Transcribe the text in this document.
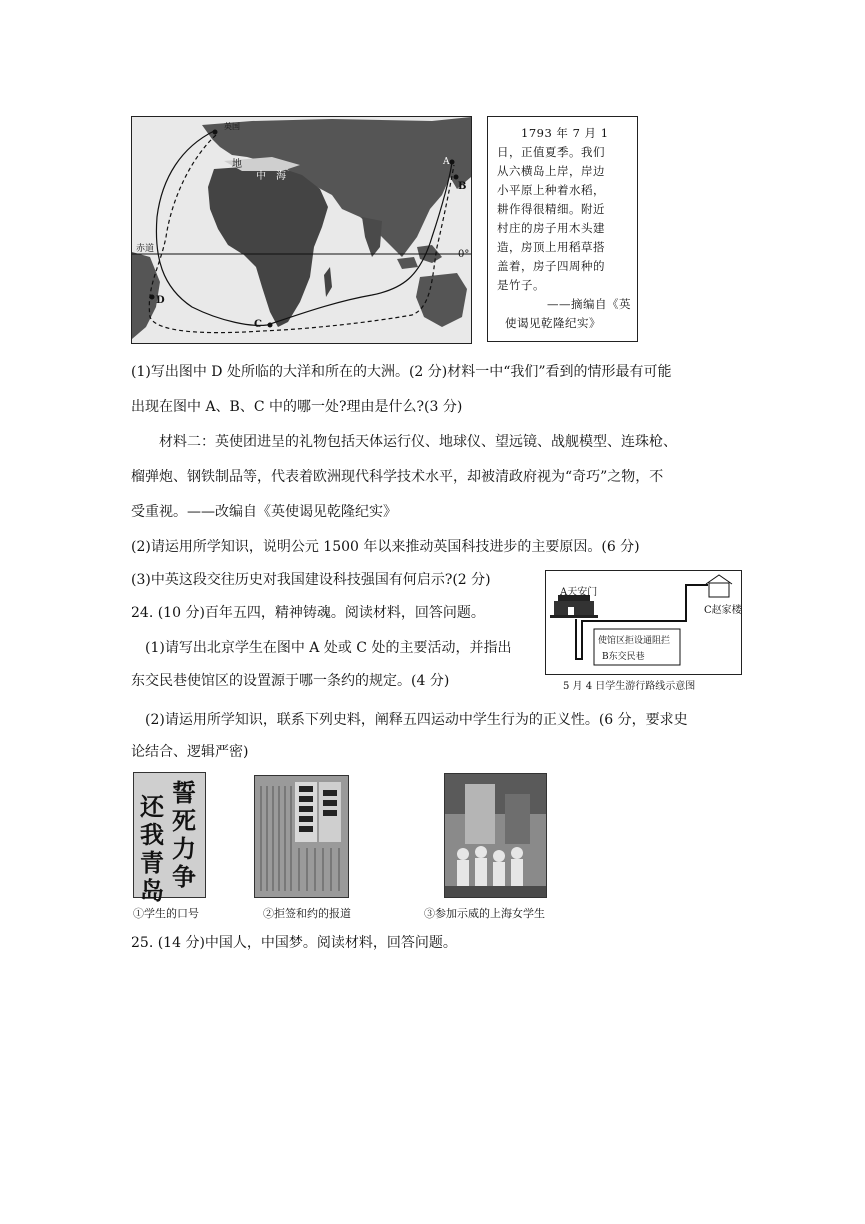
英国
地
中　海
赤道	0°
A
B
C
D
　　1793 年 7 月 1
日，正值夏季。我们
从六横岛上岸，岸边
小平原上种着水稻，
耕作得很精细。附近
村庄的房子用木头建
造，房顶上用稻草搭
盖着，房子四周种的
是竹子。
——摘编自《英
使谒见乾隆纪实》
(1)写出图中 D 处所临的大洋和所在的大洲。(2 分)材料一中“我们”看到的情形最有可能
出现在图中 A、B、C 中的哪一处?理由是什么?(3 分)
　　材料二：英使团进呈的礼物包括天体运行仪、地球仪、望远镜、战舰模型、连珠枪、
榴弹炮、钢铁制品等，代表着欧洲现代科学技术水平，却被清政府视为“奇巧”之物，不
受重视。——改编自《英使谒见乾隆纪实》
(2)请运用所学知识，说明公元 1500 年以来推动英国科技进步的主要原因。(6 分)
(3)中英这段交往历史对我国建设科技强国有何启示?(2 分)
24. (10 分)百年五四，精神铸魂。阅读材料，回答问题。
　(1)请写出北京学生在图中 A 处或 C 处的主要活动，并指出
东交民巷使馆区的设置源于哪一条约的规定。(4 分)
　(2)请运用所学知识，联系下列史料，阐释五四运动中学生行为的正义性。(6 分，要求史
论结合、逻辑严密)
A天安门
C赵家楼
使馆区拒设通阻拦
B东交民巷
5 月 4 日学生游行路线示意图
誓死力争
还我青岛
①学生的口号	②拒签和约的报道	③参加示威的上海女学生
25. (14 分)中国人，中国梦。阅读材料，回答问题。
